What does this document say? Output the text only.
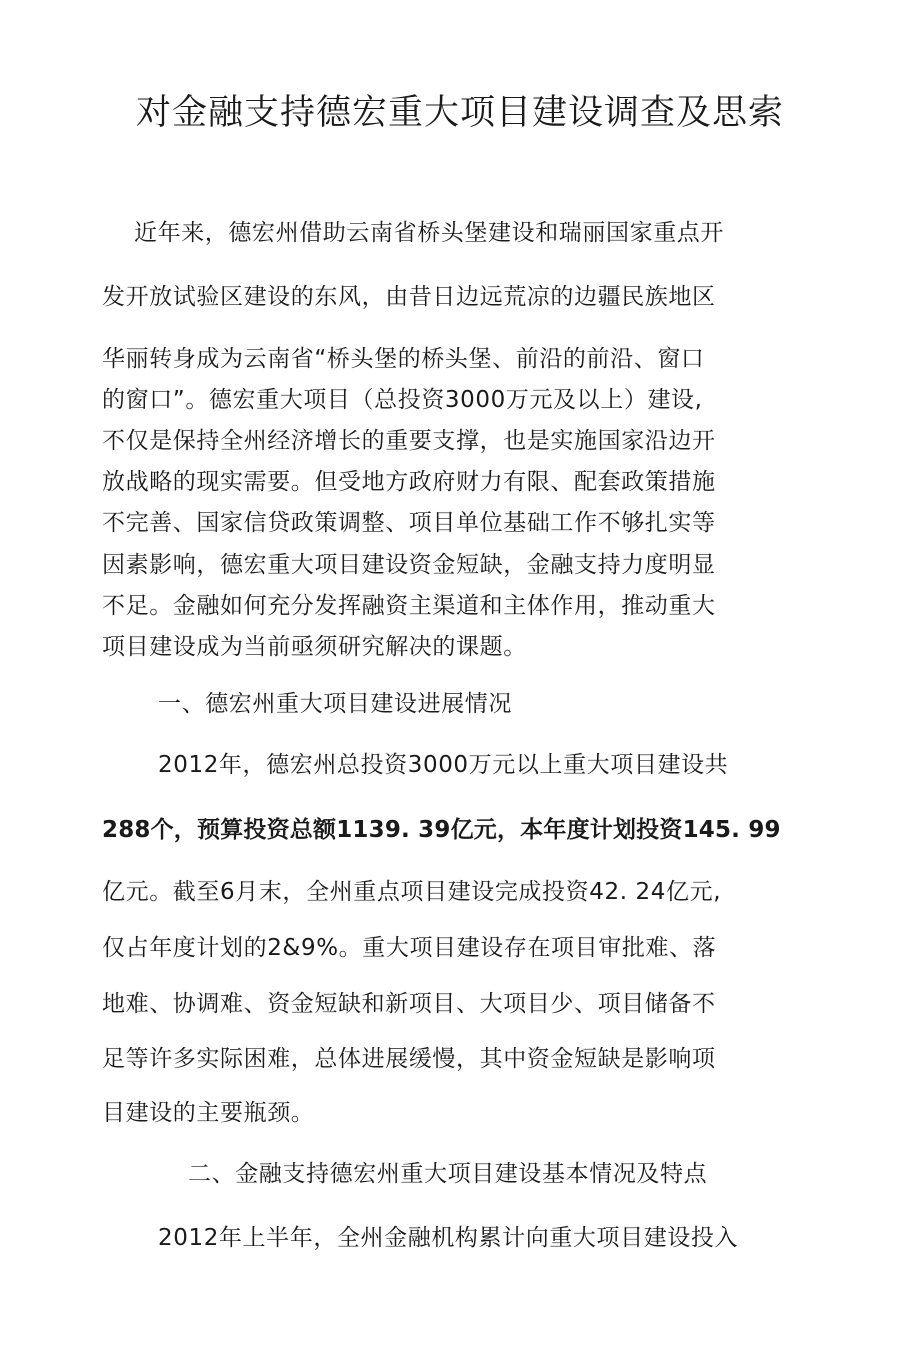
对金融支持德宏重大项目建设调查及思索
近年来，德宏州借助云南省桥头堡建设和瑞丽国家重点开
发开放试验区建设的东风，由昔日边远荒凉的边疆民族地区
华丽转身成为云南省“桥头堡的桥头堡、前沿的前沿、窗口
的窗口”。德宏重大项目（总投资3000万元及以上）建设,
不仅是保持全州经济增长的重要支撑，也是实施国家沿边开
放战略的现实需要。但受地方政府财力有限、配套政策措施
不完善、国家信贷政策调整、项目单位基础工作不够扎实等
因素影响，德宏重大项目建设资金短缺，金融支持力度明显
不足。金融如何充分发挥融资主渠道和主体作用，推动重大
项目建设成为当前亟须研究解决的课题。
一、德宏州重大项目建设进展情况
2012年，德宏州总投资3000万元以上重大项目建设共
288个，预算投资总额1139. 39亿元，本年度计划投资145. 99
亿元。截至6月末，全州重点项目建设完成投资42. 24亿元,
仅占年度计划的2&9%。重大项目建设存在项目审批难、落
地难、协调难、资金短缺和新项目、大项目少、项目储备不
足等许多实际困难，总体进展缓慢，其中资金短缺是影响项
目建设的主要瓶颈。
二、金融支持德宏州重大项目建设基本情况及特点
2012年上半年，全州金融机构累计向重大项目建设投入
